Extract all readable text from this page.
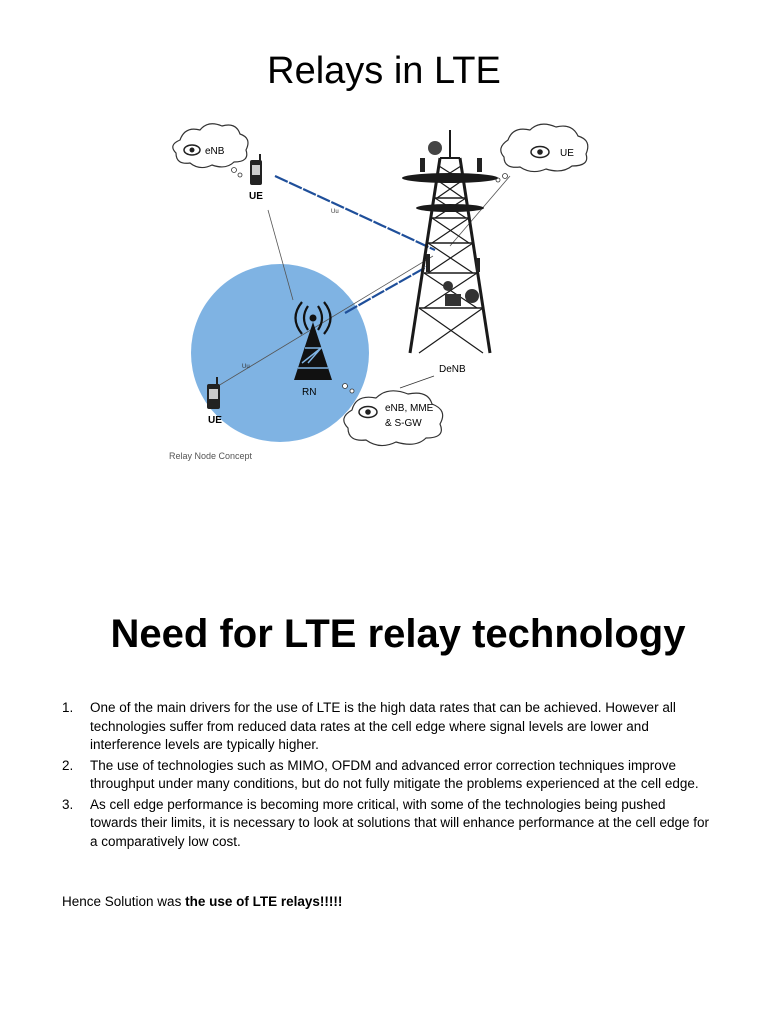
Relays in LTE
eNB
UE
Uu
UE
DeNB
RN
Uu
UE
eNB, MME
& S-GW
Relay Node Concept
Need for LTE relay technology
1. One of the main drivers for the use of LTE is the high data rates that can be achieved. However all technologies suffer from reduced data rates at the cell edge where signal levels are lower and interference levels are typically higher.
2. The use of technologies such as MIMO, OFDM and advanced error correction techniques improve throughput under many conditions, but do not fully mitigate the problems experienced at the cell edge.
3. As cell edge performance is becoming more critical, with some of the technologies being pushed towards their limits, it is necessary to look at solutions that will enhance performance at the cell edge for a comparatively low cost.

Hence Solution was the use of LTE relays!!!!!
